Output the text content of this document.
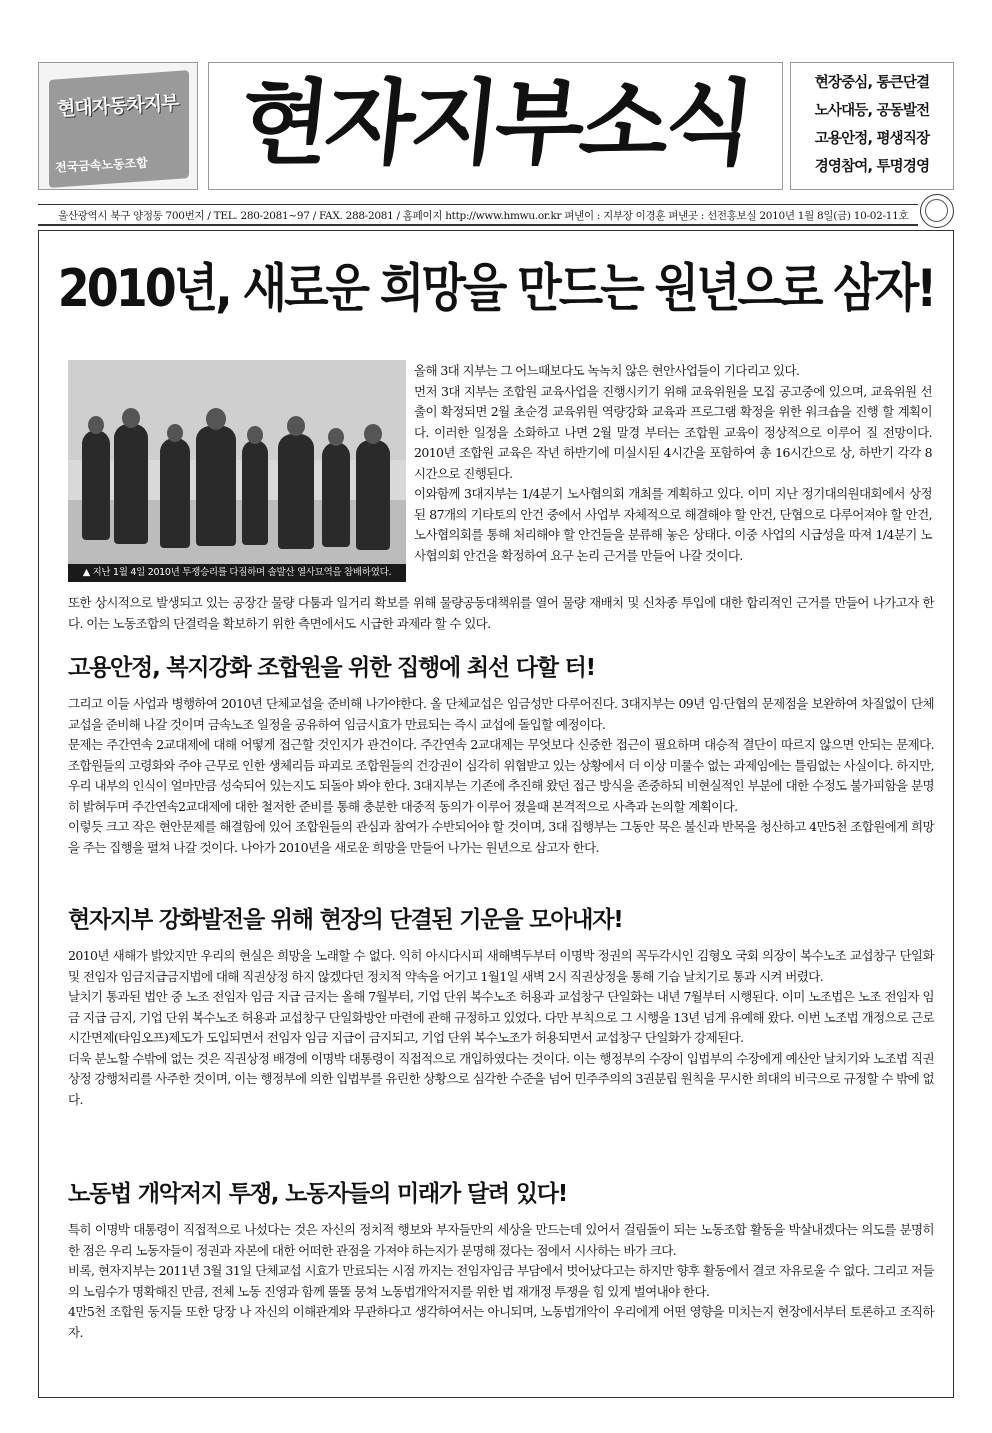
현대자동차지부
전국금속노동조합 현자지부소식	현장중심, 통큰단결
노사대등, 공동발전
고용안정, 평생직장
경영참여, 투명경영
울산광역시 북구 양정동 700번지 / TEL. 280-2081~97 / FAX. 288-2081 / 홈페이지 http://www.hmwu.or.kr 펴낸이 : 지부장 이경훈 펴낸곳 : 선전홍보실 2010년 1월 8일(금) 10-02-11호
2010년, 새로운 희망을 만드는 원년으로 삼자!
▲ 지난 1월 4일 2010년 투쟁승리를 다짐하며 솔발산 열사묘역을 참배하였다.

올해 3대 지부는 그 어느때보다도 녹녹치 않은 현안사업들이 기다리고 있다.

먼저 3대 지부는 조합원 교육사업을 진행시키기 위해 교육위원을 모집 공고중에 있으며, 교육위원 선출이 확정되면 2월 초순경 교육위원 역량강화 교육과 프로그램 확정을 위한 워크숍을 진행 할 계획이다. 이러한 일정을 소화하고 나면 2월 말경 부터는 조합원 교육이 정상적으로 이루어 질 전망이다. 2010년 조합원 교육은 작년 하반기에 미실시된 4시간을 포함하여 총 16시간으로 상, 하반기 각각 8시간으로 진행된다.

이와함께 3대지부는 1/4분기 노사협의회 개최를 계획하고 있다. 이미 지난 정기대의원대회에서 상정된 87개의 기타토의 안건 중에서 사업부 자체적으로 해결해야 할 안건, 단협으로 다루어져야 할 안건, 노사협의회를 통해 처리해야 할 안건들을 분류해 놓은 상태다. 이중 사업의 시급성을 따져 1/4분기 노사협의회 안건을 확정하여 요구 논리 근거를 만들어 나갈 것이다.

또한 상시적으로 발생되고 있는 공장간 물량 다툼과 일거리 확보를 위해 물량공동대책위를 열어 물량 재배치 및 신차종 투입에 대한 합리적인 근거를 만들어 나가고자 한다. 이는 노동조합의 단결력을 확보하기 위한 측면에서도 시급한 과제라 할 수 있다.

고용안정, 복지강화 조합원을 위한 집행에 최선 다할 터!

그리고 이들 사업과 병행하여 2010년 단체교섭을 준비해 나가야한다. 올 단체교섭은 임금성만 다루어진다. 3대지부는 09년 임·단협의 문제점을 보완하여 차질없이 단체교섭을 준비해 나갈 것이며 금속노조 일정을 공유하여 임금시효가 만료되는 즉시 교섭에 돌입할 예정이다.

문제는 주간연속 2교대제에 대해 어떻게 접근할 것인지가 관건이다. 주간연속 2교대제는 무엇보다 신중한 접근이 필요하며 대승적 결단이 따르지 않으면 안되는 문제다. 조합원들의 고령화와 주야 근무로 인한 생체리듬 파괴로 조합원들의 건강권이 심각히 위협받고 있는 상황에서 더 이상 미룰수 없는 과제임에는 틀림없는 사실이다. 하지만, 우리 내부의 인식이 얼마만큼 성숙되어 있는지도 되돌아 봐야 한다. 3대지부는 기존에 추진해 왔던 접근 방식을 존중하되 비현실적인 부분에 대한 수정도 불가피함을 분명히 밝혀두며 주간연속2교대제에 대한 철저한 준비를 통해 충분한 대중적 동의가 이루어 졌을때 본격적으로 사측과 논의할 계획이다.

이렇듯 크고 작은 현안문제를 해결함에 있어 조합원들의 관심과 참여가 수반되어야 할 것이며, 3대 집행부는 그동안 묵은 불신과 반목을 청산하고 4만5천 조합원에게 희망을 주는 집행을 펼쳐 나갈 것이다. 나아가 2010년을 새로운 희망을 만들어 나가는 원년으로 삼고자 한다.

현자지부 강화발전을 위해 현장의 단결된 기운을 모아내자!

2010년 새해가 밝았지만 우리의 현실은 희망을 노래할 수 없다. 익히 아시다시피 새해벽두부터 이명박 정권의 꼭두각시인 김형오 국회 의장이 복수노조 교섭창구 단일화 및 전임자 임금지급금지법에 대해 직권상정 하지 않겠다던 정치적 약속을 어기고 1월1일 새벽 2시 직권상정을 통해 기습 날치기로 통과 시켜 버렸다.

날치기 통과된 법안 중 노조 전임자 임금 지급 금지는 올해 7월부터, 기업 단위 복수노조 허용과 교섭창구 단일화는 내년 7월부터 시행된다. 이미 노조법은 노조 전임자 임금 지급 금지, 기업 단위 복수노조 허용과 교섭창구 단일화방안 마련에 관해 규정하고 있었다. 다만 부칙으로 그 시행을 13년 넘게 유예해 왔다. 이번 노조법 개정으로 근로시간면제(타임오프)제도가 도입되면서 전임자 임금 지급이 금지되고, 기업 단위 복수노조가 허용되면서 교섭창구 단일화가 강제된다.

더욱 분노할 수밖에 없는 것은 직권상정 배경에 이명박 대통령이 직접적으로 개입하였다는 것이다. 이는 행정부의 수장이 입법부의 수장에게 예산안 날치기와 노조법 직권상정 강행처리를 사주한 것이며, 이는 행정부에 의한 입법부를 유린한 상황으로 심각한 수준을 넘어 민주주의의 3권분립 원칙을 무시한 희대의 비극으로 규정할 수 밖에 없다.

노동법 개악저지 투쟁, 노동자들의 미래가 달려 있다!

특히 이명박 대통령이 직접적으로 나섰다는 것은 자신의 정치적 행보와 부자들만의 세상을 만드는데 있어서 걸림돌이 되는 노동조합 활동을 박살내겠다는 의도를 분명히 한 점은 우리 노동자들이 정권과 자본에 대한 어떠한 관점을 가져야 하는지가 분명해 졌다는 점에서 시사하는 바가 크다.

비록, 현자지부는 2011년 3월 31일 단체교섭 시효가 만료되는 시점 까지는 전임자임금 부담에서 벗어났다고는 하지만 향후 활동에서 결코 자유로울 수 없다. 그리고 저들의 노림수가 명확해진 만큼, 전체 노동 진영과 함께 똘똘 뭉쳐 노동법개악저지를 위한 법 재개정 투쟁을 힘 있게 벌여내야 한다.

4만5천 조합원 동지들 또한 당장 나 자신의 이해관계와 무관하다고 생각하여서는 아니되며, 노동법개악이 우리에게 어떤 영향을 미치는지 현장에서부터 토론하고 조직하자.
